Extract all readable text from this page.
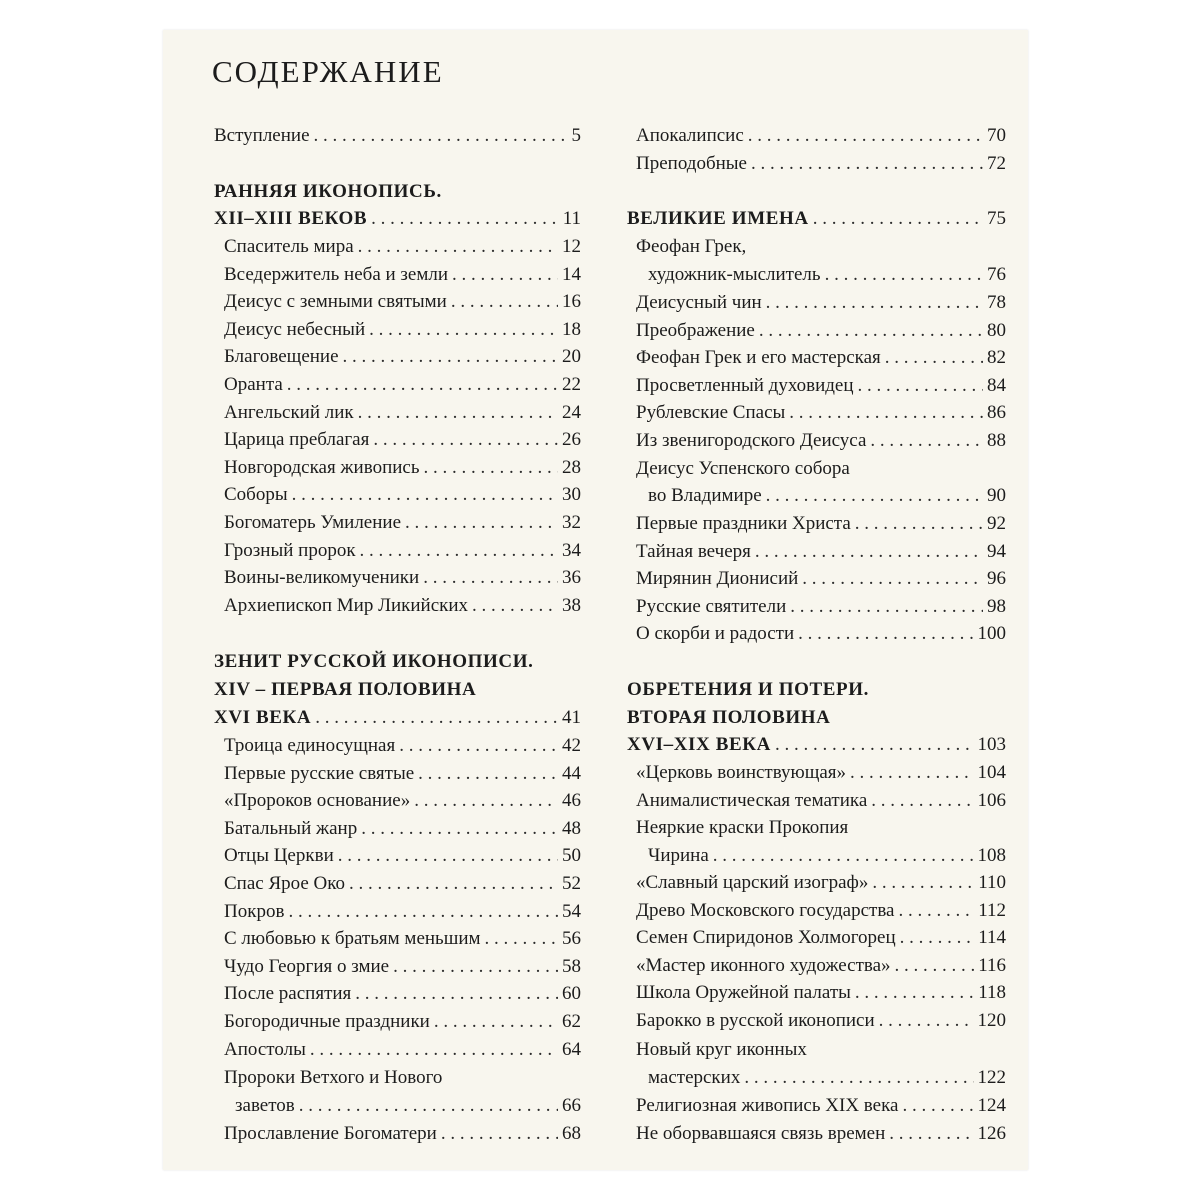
СОДЕРЖАНИЕ
Вступление . . .	5
РАННЯЯ ИКОНОПИСЬ.
XII–XIII ВЕКОВ . . .	11
Спаситель мира . . .	12
Вседержитель неба и земли . . .	14
Деисус с земными святыми . . .	16
Деисус небесный . . .	18
Благовещение . . .	20
Оранта . . .	22
Ангельский лик . . .	24
Царица преблагая . . .	26
Новгородская живопись . . .	28
Соборы . . .	30
Богоматерь Умиление . . .	32
Грозный пророк . . .	34
Воины-великомученики . . .	36
Архиепископ Мир Ликийских . . .	38
ЗЕНИТ РУССКОЙ ИКОНОПИСИ.
XIV – ПЕРВАЯ ПОЛОВИНА
XVI ВЕКА . . .	41
Троица единосущная . . .	42
Первые русские святые . . .	44
«Пророков основание» . . .	46
Батальный жанр . . .	48
Отцы Церкви . . .	50
Спас Ярое Око . . .	52
Покров . . .	54
С любовью к братьям меньшим . . .	56
Чудо Георгия о змие . . .	58
После распятия . . .	60
Богородичные праздники . . .	62
Апостолы . . .	64
Пророки Ветхого и Нового
заветов . . .	66
Прославление Богоматери . . .	68
Апокалипсис . . .	70
Преподобные . . .	72
ВЕЛИКИЕ ИМЕНА . . .	75
Феофан Грек,
художник-мыслитель . . .	76
Деисусный чин . . .	78
Преображение . . .	80
Феофан Грек и его мастерская . . .	82
Просветленный духовидец . . .	84
Рублевские Спасы . . .	86
Из звенигородского Деисуса . . .	88
Деисус Успенского собора
во Владимире . . .	90
Первые праздники Христа . . .	92
Тайная вечеря . . .	94
Мирянин Дионисий . . .	96
Русские святители . . .	98
О скорби и радости . . .	100
ОБРЕТЕНИЯ И ПОТЕРИ.
ВТОРАЯ ПОЛОВИНА
XVI–XIX ВЕКА . . .	103
«Церковь воинствующая» . . .	104
Анималистическая тематика . . .	106
Неяркие краски Прокопия
Чирина . . .	108
«Славный царский изограф» . . .	110
Древо Московского государства . . .	112
Семен Спиридонов Холмогорец . . .	114
«Мастер иконного художества» . . .	116
Школа Оружейной палаты . . .	118
Барокко в русской иконописи . . .	120
Новый круг иконных
мастерских . . .	122
Религиозная живопись XIX века . . .	124
Не оборвавшаяся связь времен . . .	126
